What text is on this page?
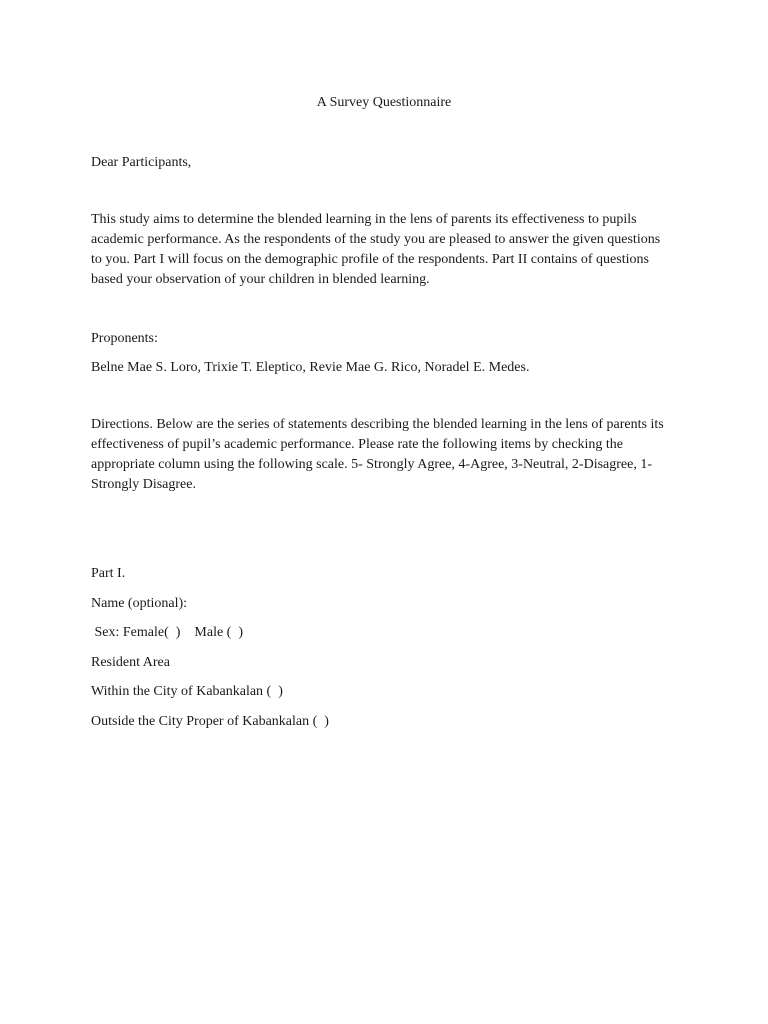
A Survey Questionnaire
Dear Participants,

This study aims to determine the blended learning in the lens of parents its effectiveness to pupils academic performance. As the respondents of the study you are pleased to answer the given questions to you. Part I will focus on the demographic profile of the respondents. Part II contains of questions based your observation of your children in blended learning.

Proponents:
Belne Mae S. Loro, Trixie T. Eleptico, Revie Mae G. Rico, Noradel E. Medes.

Directions. Below are the series of statements describing the blended learning in the lens of parents its effectiveness of pupil’s academic performance. Please rate the following items by checking the appropriate column using the following scale. 5- Strongly Agree, 4-Agree, 3-Neutral, 2-Disagree, 1-Strongly Disagree.

Part I.
Name (optional):
Sex: Female(  )    Male (  )
Resident Area
Within the City of Kabankalan (  )
Outside the City Proper of Kabankalan (  )
